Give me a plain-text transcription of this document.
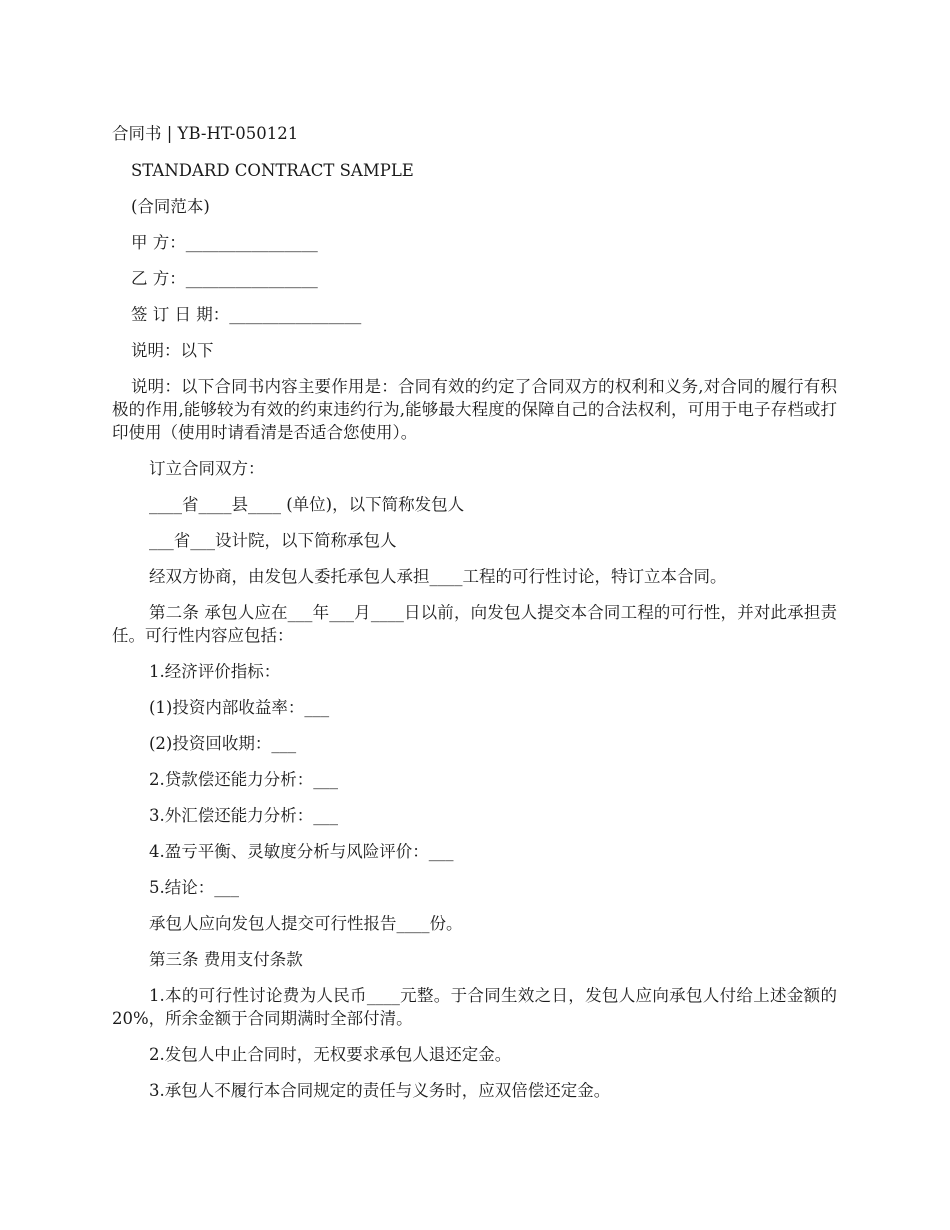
合同书 | YB-HT-050121
STANDARD CONTRACT SAMPLE
(合同范本)
甲 方：________________
乙 方：________________
签 订 日 期：________________
说明：以下
说明：以下合同书内容主要作用是：合同有效的约定了合同双方的权利和义务,对合同的履行有积极的作用,能够较为有效的约束违约行为,能够最大程度的保障自己的合法权利，可用于电子存档或打印使用（使用时请看清是否适合您使用）。
订立合同双方：
____省____县____ (单位)，以下简称发包人
___省___设计院，以下简称承包人
经双方协商，由发包人委托承包人承担____工程的可行性讨论，特订立本合同。
第二条 承包人应在___年___月____日以前，向发包人提交本合同工程的可行性，并对此承担责任。可行性内容应包括：
1.经济评价指标：
(1)投资内部收益率：___
(2)投资回收期：___
2.贷款偿还能力分析：___
3.外汇偿还能力分析：___
4.盈亏平衡、灵敏度分析与风险评价：___
5.结论：___
承包人应向发包人提交可行性报告____份。
第三条 费用支付条款
1.本的可行性讨论费为人民币____元整。于合同生效之日，发包人应向承包人付给上述金额的 20%，所余金额于合同期满时全部付清。
2.发包人中止合同时，无权要求承包人退还定金。
3.承包人不履行本合同规定的责任与义务时，应双倍偿还定金。
